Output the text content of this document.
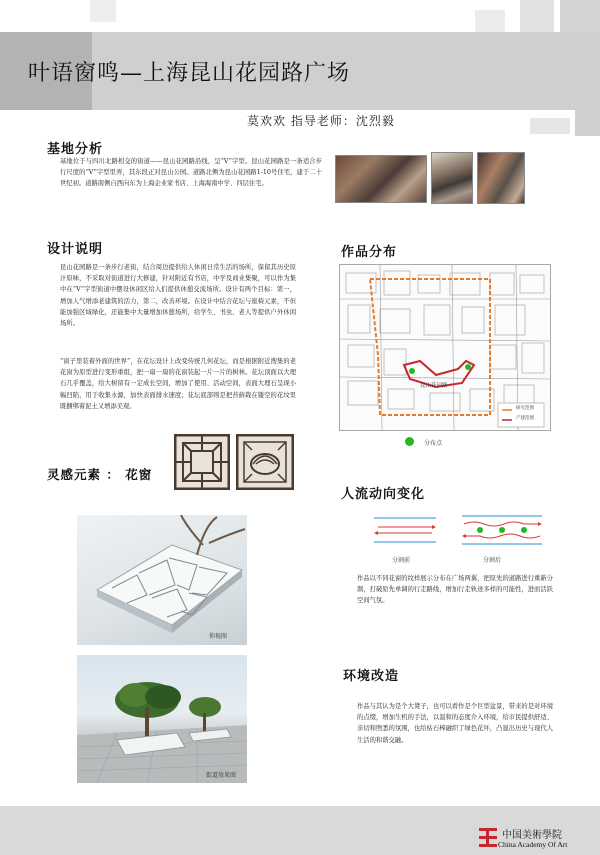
叶语窗鸣—上海昆山花园路广场
莫欢欢 指导老师：沈烈毅
基地分析
基地位于与四川北路相交的街道——昆山花园路沿线，呈“V”字型。昆山花园路是一条适合步行尺度的“V”字型里弄，其东段正对昆山公园。道路北侧为昆山花园路1-10号住宅，建于二十世纪初。道路南侧自西向东为上海企业家书店、上海海南中学、四层住宅。
设计说明
昆山花园路是一条步行老街，结合周边提供给人休闲日常生活的场所，保留其历史原汁原味，不采取对街道进行大修建，针对附近有书店，中学及商业集聚，可以作为集中在“V”字型街道中摆设休闲区给人们提供休憩交流场所。设计有两个目标：第一，增加人气增添老建筑的活力，第二，改善环境。在设计中结合花坛与座椅元素，不但能加强区域绿化，还能集中大量增加休憩场所，给学生、书虫、老人等提供户外休闲场所。
“窗子里装着外面的世界”，在花坛设计上改变传统几何花坛，而是根据附近搜集的老花窗为原型进行变形重组，把一扇一扇的花窗装起一片一片的树林。花坛顶面以大理石几乎覆盖，给大树留有一定成长空间，增加了使用、活动空间，表面大理石呈现小幅凹陷，用于收集水源，加快表面排水速度；花坛底部则是把苔藓栽在镂空的花坟里既捆绑着泥土又增添美观。
灵感元素 ： 花窗
仰视图
街道效果图
作品分布
昆山花园路
研究范围
产建范围
分布点
人流动向变化
分割前	分割后
作品以不同花窗的纹样展示分布在广场两翼，把原先的道路进行重新分割，打破原先单调的行走路线，增加行走轨迹多样的可能性，进而活跃空间气氛。
环境改造
作品与其认为是个大凳子，也可以看作是个巨型盆景，带来的是对环境的点缀，增加生机的手法，以温和的态度介入环境，给市民提供舒适、亲切和煦悉的氛围，也给枯石棒融织了绿色花坏，凸显出历史与现代人生活的和谐交融。
中国美術學院
China Academy Of Art
